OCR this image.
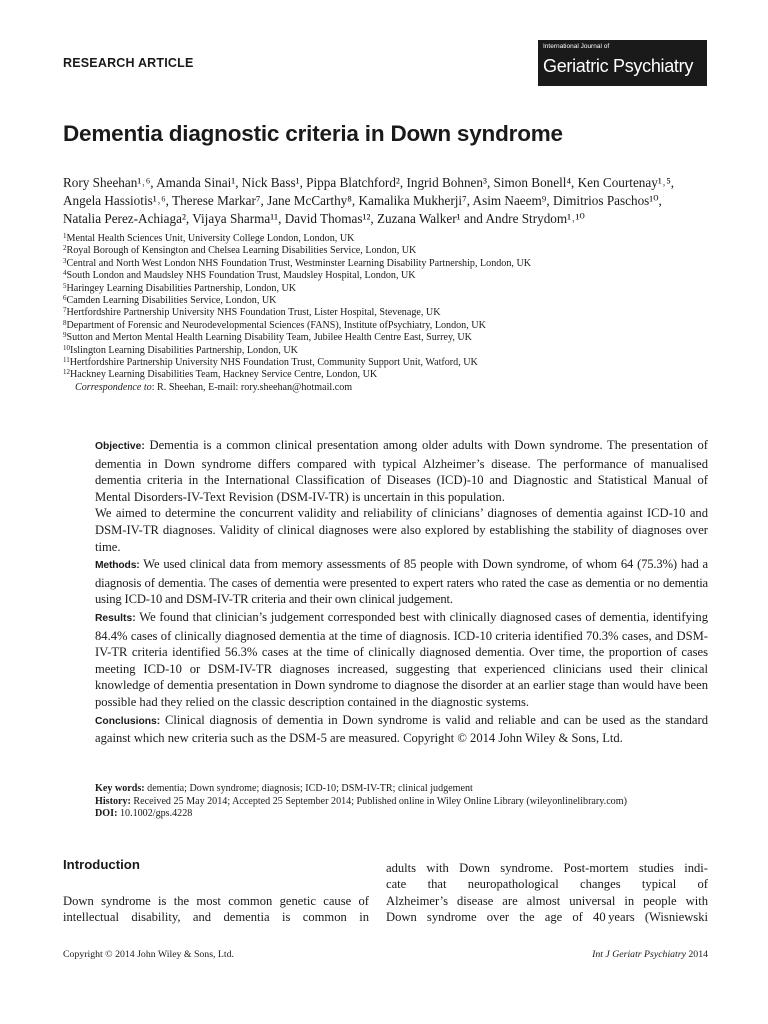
RESEARCH ARTICLE
International Journal of
Geriatric Psychiatry
Dementia diagnostic criteria in Down syndrome

Rory Sheehan¹˒⁶, Amanda Sinai¹, Nick Bass¹, Pippa Blatchford², Ingrid Bohnen³, Simon Bonell⁴, Ken Courtenay¹˒⁵,
Angela Hassiotis¹˒⁶, Therese Markar⁷, Jane McCarthy⁸, Kamalika Mukherji⁷, Asim Naeem⁹, Dimitrios Paschos¹⁰,
Natalia Perez-Achiaga², Vijaya Sharma¹¹, David Thomas¹², Zuzana Walker¹ and Andre Strydom¹˒¹⁰

$^1$Mental Health Sciences Unit, University College London, London, UK
$^2$Royal Borough of Kensington and Chelsea Learning Disabilities Service, London, UK
$^3$Central and North West London NHS Foundation Trust, Westminster Learning Disability Partnership, London, UK
$^4$South London and Maudsley NHS Foundation Trust, Maudsley Hospital, London, UK
$^5$Haringey Learning Disabilities Partnership, London, UK
$^6$Camden Learning Disabilities Service, London, UK
$^7$Hertfordshire Partnership University NHS Foundation Trust, Lister Hospital, Stevenage, UK
$^8$Department of Forensic and Neurodevelopmental Sciences (FANS), Institute ofPsychiatry, London, UK
$^9$Sutton and Merton Mental Health Learning Disability Team, Jubilee Health Centre East, Surrey, UK
$^{10}$Islington Learning Disabilities Partnership, London, UK
$^{11}$Hertfordshire Partnership University NHS Foundation Trust, Community Support Unit, Watford, UK
$^{12}$Hackney Learning Disabilities Team, Hackney Service Centre, London, UK
Correspondence to: R. Sheehan, E-mail: rory.sheehan@hotmail.com

Objective: Dementia is a common clinical presentation among older adults with Down syndrome. The presentation of dementia in Down syndrome differs compared with typical Alzheimer’s disease. The performance of manualised dementia criteria in the International Classification of Diseases (ICD)-10 and Diagnostic and Statistical Manual of Mental Disorders-IV-Text Revision (DSM-IV-TR) is uncertain in this population.

We aimed to determine the concurrent validity and reliability of clinicians’ diagnoses of dementia against ICD-10 and DSM-IV-TR diagnoses. Validity of clinical diagnoses were also explored by establishing the stability of diagnoses over time.

Methods: We used clinical data from memory assessments of 85 people with Down syndrome, of whom 64 (75.3%) had a diagnosis of dementia. The cases of dementia were presented to expert raters who rated the case as dementia or no dementia using ICD-10 and DSM-IV-TR criteria and their own clinical judgement.

Results: We found that clinician’s judgement corresponded best with clinically diagnosed cases of dementia, identifying 84.4% cases of clinically diagnosed dementia at the time of diagnosis. ICD-10 criteria identified 70.3% cases, and DSM-IV-TR criteria identified 56.3% cases at the time of clinically diagnosed dementia. Over time, the proportion of cases meeting ICD-10 or DSM-IV-TR diagnoses increased, suggesting that experienced clinicians used their clinical knowledge of dementia presentation in Down syndrome to diagnose the disorder at an earlier stage than would have been possible had they relied on the classic description contained in the diagnostic systems.

Conclusions: Clinical diagnosis of dementia in Down syndrome is valid and reliable and can be used as the standard against which new criteria such as the DSM-5 are measured. Copyright © 2014 John Wiley & Sons, Ltd.

Key words: dementia; Down syndrome; diagnosis; ICD-10; DSM-IV-TR; clinical judgement
History: Received 25 May 2014; Accepted 25 September 2014; Published online in Wiley Online Library (wileyonlinelibrary.com)
DOI: 10.1002/gps.4228
Introduction

Down syndrome is the most common genetic cause of
intellectual disability, and dementia is common in

adults with Down syndrome. Post-mortem studies indi-
cate that neuropathological changes typical of
Alzheimer’s disease are almost universal in people with
Down syndrome over the age of 40 years (Wisniewski

Copyright © 2014 John Wiley & Sons, Ltd.	Int J Geriatr Psychiatry 2014
